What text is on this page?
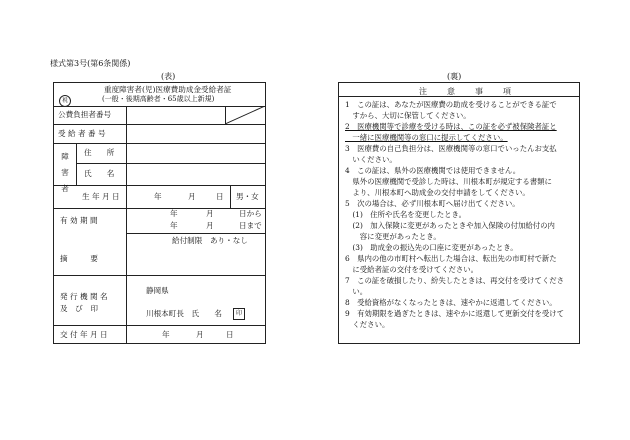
様式第3号(第6条関係)
(表)	(裏)
重度障害者(児)医療費助成金受給者証
(一般・後期高齢者・65歳以上新規)
税
公費負担者番号
受 給 者 番 号
障 害 者
住　　所
氏　　名
生 年 月 日	年	月	日 男・女
有 効 期 間
年	月	日から
年	月	日まで
給付制限　あり・なし
摘　　　要
発 行 機 関 名
及　び　印
静岡県
川根本町長　氏　　名	印
交 付 年 月 日	年	月	日
注　意　事　項
1　この証は、あなたが医療費の助成を受けることができる証で
　すから、大切に保管してください。
2　医療機関等で診療を受ける時は、この証を必ず被保険者証と
　一緒に医療機関等の窓口に提示してください。
3　医療費の自己負担分は、医療機関等の窓口でいったんお支払
　いください。
4　この証は、県外の医療機関では使用できません。
　県外の医療機関で受診した時は、川根本町が規定する書類に
　より、川根本町へ助成金の交付申請をしてください。
5　次の場合は、必ず川根本町へ届け出てください。
　(1)　住所や氏名を変更したとき。
　(2)　加入保険に変更があったときや加入保険の付加給付の内
　　容に変更があったとき。
　(3)　助成金の振込先の口座に変更があったとき。
6　県内の他の市町村へ転出した場合は、転出先の市町村で新た
　に受給者証の交付を受けてください。
7　この証を破損したり、紛失したときは、再交付を受けてくださ
　い。
8　受給資格がなくなったときは、速やかに返還してください。
9　有効期限を過ぎたときは、速やかに返還して更新交付を受けて
　ください。
